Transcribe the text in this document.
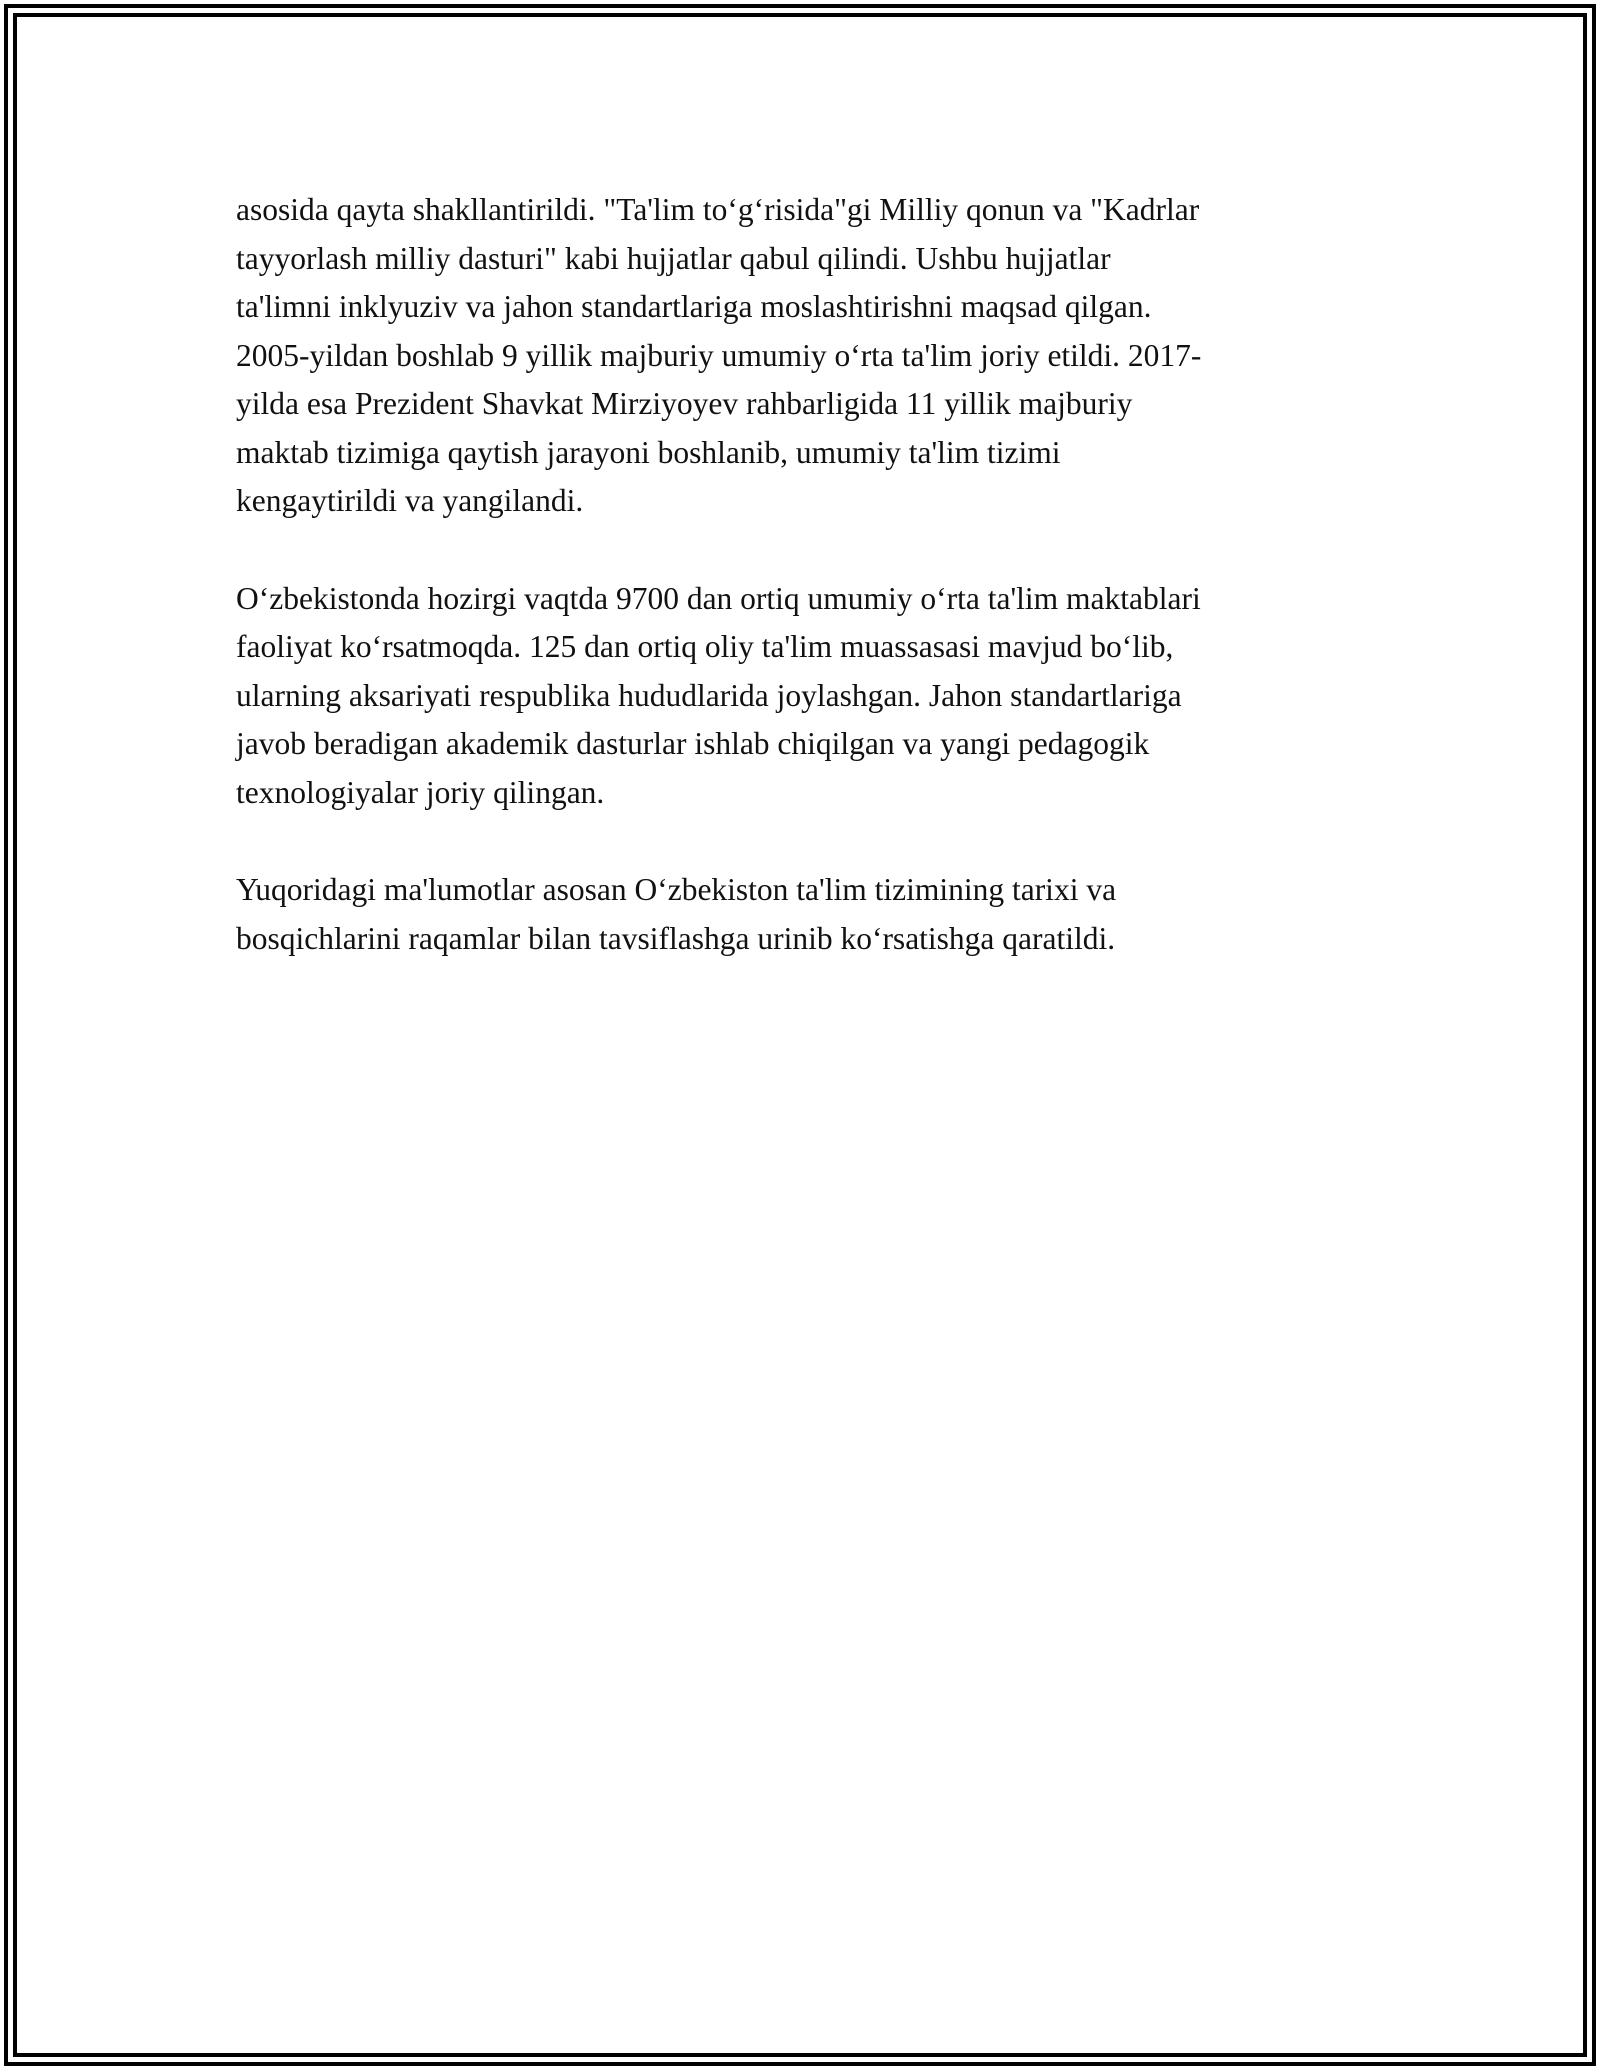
asosida qayta shakllantirildi. "Ta'lim to‘g‘risida"gi Milliy qonun va "Kadrlar
tayyorlash milliy dasturi" kabi hujjatlar qabul qilindi. Ushbu hujjatlar
ta'limni inklyuziv va jahon standartlariga moslashtirishni maqsad qilgan.
2005-yildan boshlab 9 yillik majburiy umumiy o‘rta ta'lim joriy etildi. 2017-
yilda esa Prezident Shavkat Mirziyoyev rahbarligida 11 yillik majburiy
maktab tizimiga qaytish jarayoni boshlanib, umumiy ta'lim tizimi
kengaytirildi va yangilandi.

O‘zbekistonda hozirgi vaqtda 9700 dan ortiq umumiy o‘rta ta'lim maktablari
faoliyat ko‘rsatmoqda. 125 dan ortiq oliy ta'lim muassasasi mavjud bo‘lib,
ularning aksariyati respublika hududlarida joylashgan. Jahon standartlariga
javob beradigan akademik dasturlar ishlab chiqilgan va yangi pedagogik
texnologiyalar joriy qilingan.

Yuqoridagi ma'lumotlar asosan O‘zbekiston ta'lim tizimining tarixi va
bosqichlarini raqamlar bilan tavsiflashga urinib ko‘rsatishga qaratildi.
